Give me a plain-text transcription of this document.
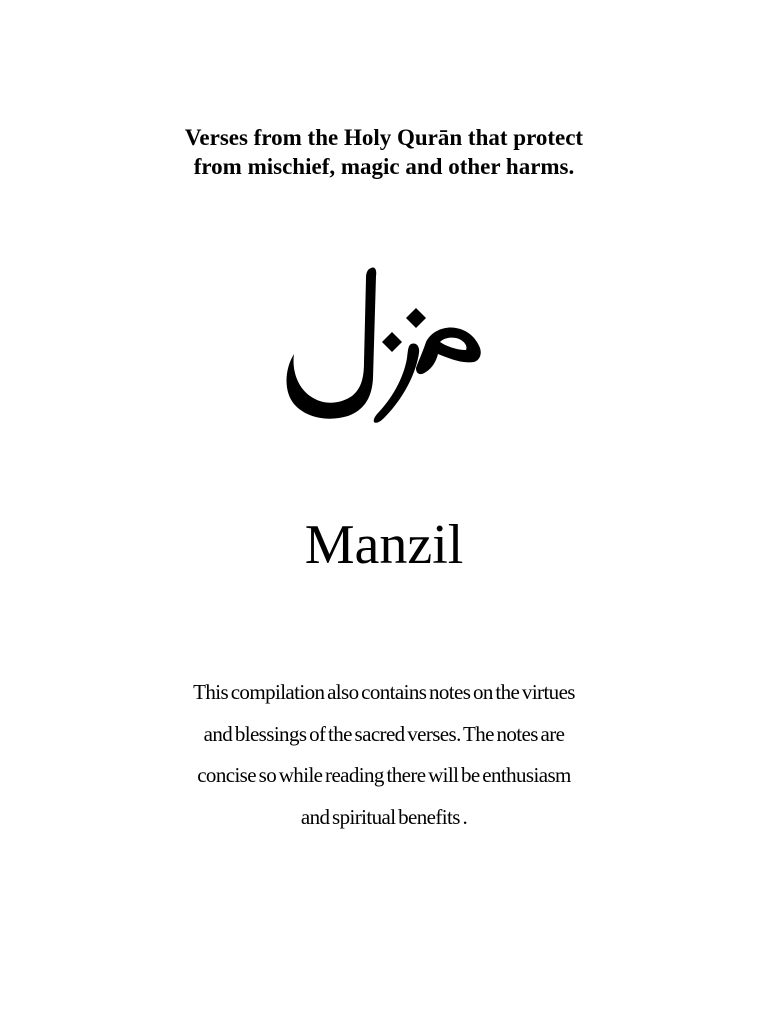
Verses from the Holy Qurān that protect
from mischief, magic and other harms.
Manzil
This compilation also contains notes on the virtues
and blessings of the sacred verses. The notes are
concise so while reading there will be enthusiasm
and spiritual benefits .
